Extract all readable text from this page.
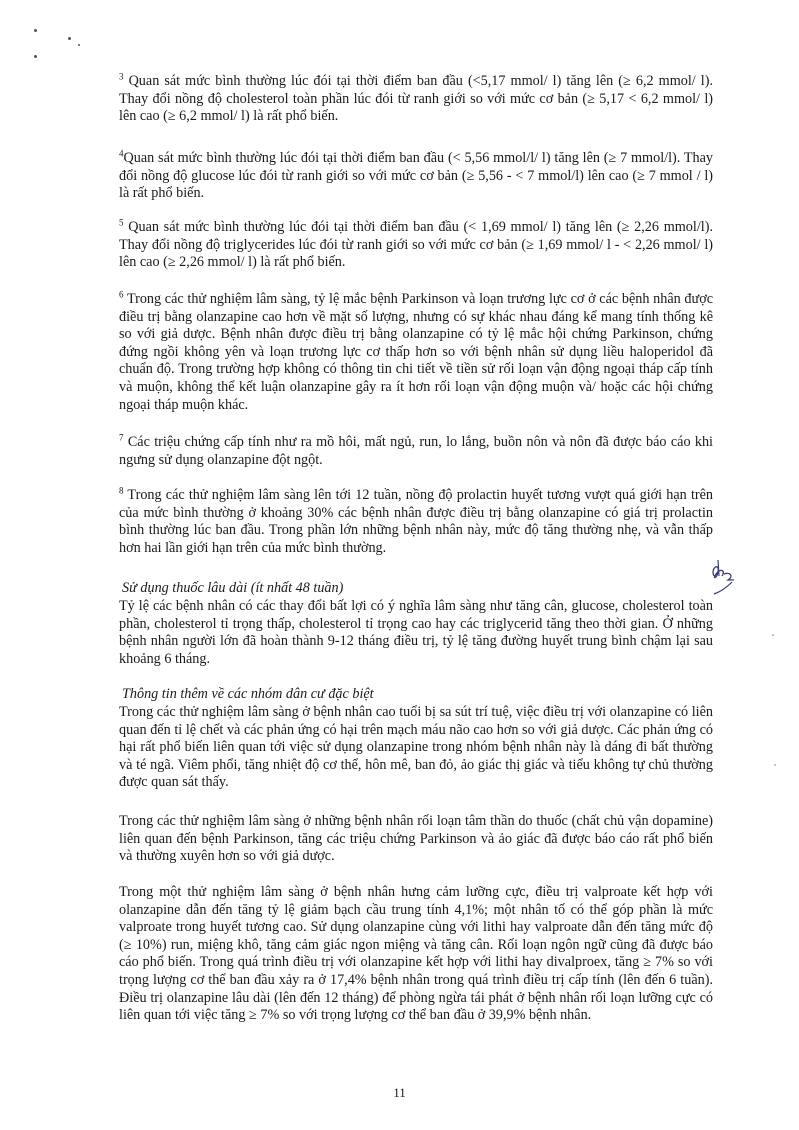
$^3$ Quan sát mức bình thường lúc đói tại thời điểm ban đầu (<5,17 mmol/ l) tăng lên (≥ 6,2 mmol/ l). Thay đổi nồng độ cholesterol toàn phần lúc đói từ ranh giới so với mức cơ bản (≥ 5,17 < 6,2 mmol/ l) lên cao (≥ 6,2 mmol/ l) là rất phổ biến.

$^4$Quan sát mức bình thường lúc đói tại thời điểm ban đầu (< 5,56 mmol/l/ l) tăng lên (≥ 7 mmol/l). Thay đổi nồng độ glucose lúc đói từ ranh giới so với mức cơ bản (≥ 5,56 - < 7 mmol/l) lên cao (≥ 7 mmol / l) là rất phổ biến.

$^5$ Quan sát mức bình thường lúc đói tại thời điểm ban đầu (< 1,69 mmol/ l) tăng lên (≥ 2,26 mmol/l). Thay đổi nồng độ triglycerides lúc đói từ ranh giới so với mức cơ bản (≥ 1,69 mmol/ l - < 2,26 mmol/ l) lên cao (≥ 2,26 mmol/ l) là rất phổ biến.

$^6$ Trong các thử nghiệm lâm sàng, tỷ lệ mắc bệnh Parkinson và loạn trương lực cơ ở các bệnh nhân được điều trị bằng olanzapine cao hơn về mặt số lượng, nhưng có sự khác nhau đáng kể mang tính thống kê so với giả dược. Bệnh nhân được điều trị bằng olanzapine có tỷ lệ mắc hội chứng Parkinson, chứng đứng ngồi không yên và loạn trương lực cơ thấp hơn so với bệnh nhân sử dụng liều haloperidol đã chuẩn độ. Trong trường hợp không có thông tin chi tiết về tiền sử rối loạn vận động ngoại tháp cấp tính và muộn, không thể kết luận olanzapine gây ra ít hơn rối loạn vận động muộn và/ hoặc các hội chứng ngoại tháp muộn khác.

$^7$ Các triệu chứng cấp tính như ra mồ hôi, mất ngủ, run, lo lắng, buồn nôn và nôn đã được báo cáo khi ngưng sử dụng olanzapine đột ngột.

$^8$ Trong các thử nghiệm lâm sàng lên tới 12 tuần, nồng độ prolactin huyết tương vượt quá giới hạn trên của mức bình thường ở khoảng 30% các bệnh nhân được điều trị bằng olanzapine có giá trị prolactin bình thường lúc ban đầu. Trong phần lớn những bệnh nhân này, mức độ tăng thường nhẹ, và vẫn thấp hơn hai lần giới hạn trên của mức bình thường.

Sử dụng thuốc lâu dài (ít nhất 48 tuần)

Tỷ lệ các bệnh nhân có các thay đổi bất lợi có ý nghĩa lâm sàng như tăng cân, glucose, cholesterol toàn phần, cholesterol tỉ trọng thấp, cholesterol tỉ trọng cao hay các triglycerid tăng theo thời gian. Ở những bệnh nhân người lớn đã hoàn thành 9-12 tháng điều trị, tỷ lệ tăng đường huyết trung bình chậm lại sau khoảng 6 tháng.

Thông tin thêm về các nhóm dân cư đặc biệt

Trong các thử nghiệm lâm sàng ở bệnh nhân cao tuổi bị sa sút trí tuệ, việc điều trị với olanzapine có liên quan đến tỉ lệ chết và các phản ứng có hại trên mạch máu não cao hơn so với giả dược. Các phản ứng có hại rất phổ biến liên quan tới việc sử dụng olanzapine trong nhóm bệnh nhân này là dáng đi bất thường và té ngã. Viêm phổi, tăng nhiệt độ cơ thể, hôn mê, ban đỏ, ảo giác thị giác và tiểu không tự chủ thường được quan sát thấy.

Trong các thử nghiệm lâm sàng ở những bệnh nhân rối loạn tâm thần do thuốc (chất chủ vận dopamine) liên quan đến bệnh Parkinson, tăng các triệu chứng Parkinson và ảo giác đã được báo cáo rất phổ biến và thường xuyên hơn so với giả dược.

Trong một thử nghiệm lâm sàng ở bệnh nhân hưng cảm lưỡng cực, điều trị valproate kết hợp với olanzapine dẫn đến tăng tỷ lệ giảm bạch cầu trung tính 4,1%; một nhân tố có thể góp phần là mức valproate trong huyết tương cao. Sử dụng olanzapine cùng với lithi hay valproate dẫn đến tăng mức độ (≥ 10%) run, miệng khô, tăng cảm giác ngon miệng và tăng cân. Rối loạn ngôn ngữ cũng đã được báo cáo phổ biến. Trong quá trình điều trị với olanzapine kết hợp với lithi hay divalproex, tăng ≥ 7% so với trọng lượng cơ thể ban đầu xảy ra ở 17,4% bệnh nhân trong quá trình điều trị cấp tính (lên đến 6 tuần). Điều trị olanzapine lâu dài (lên đến 12 tháng) để phòng ngừa tái phát ở bệnh nhân rối loạn lưỡng cực có liên quan tới việc tăng ≥ 7% so với trọng lượng cơ thể ban đầu ở 39,9% bệnh nhân.

11
